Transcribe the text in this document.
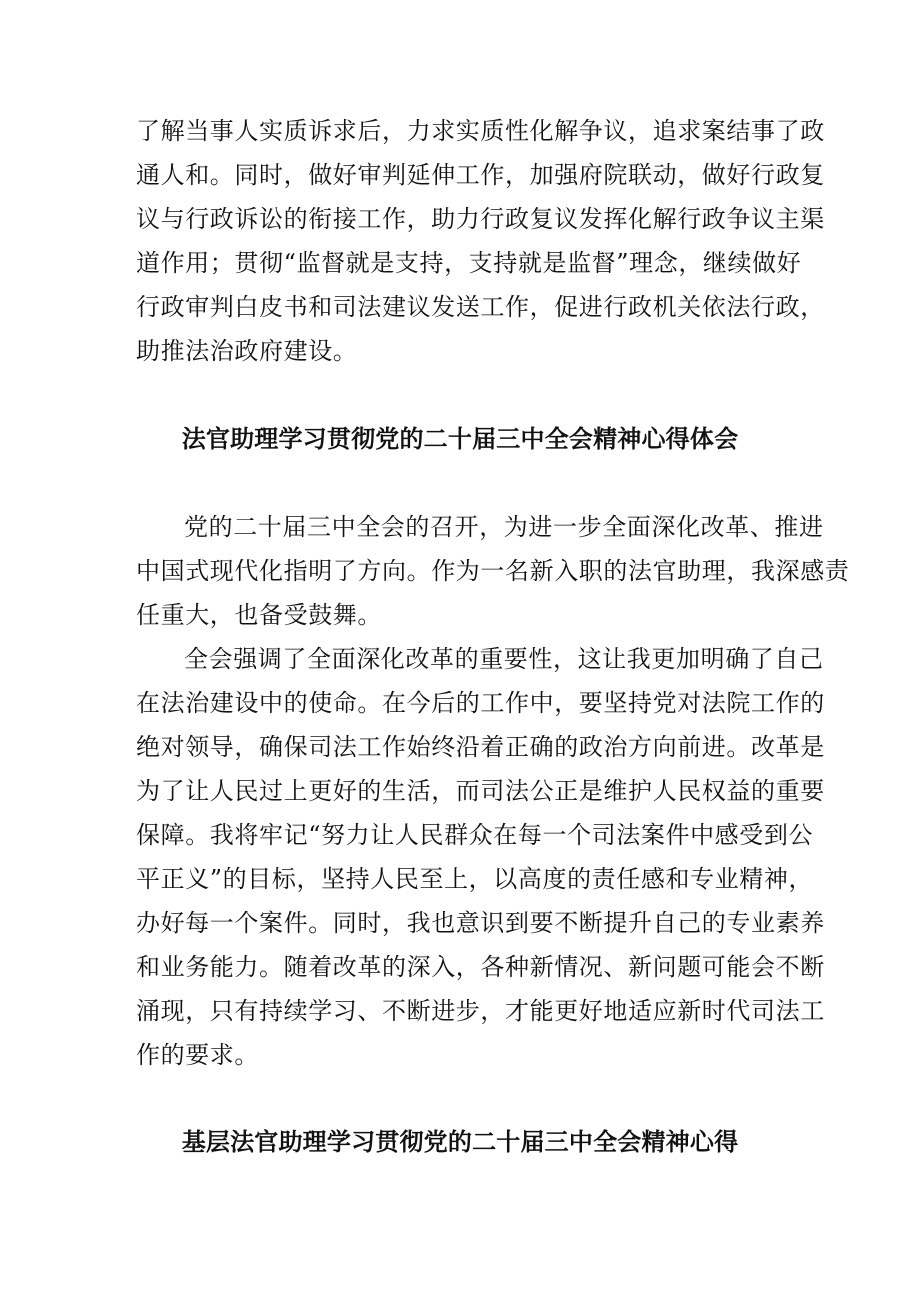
了解当事人实质诉求后，力求实质性化解争议，追求案结事了政
通人和。同时，做好审判延伸工作，加强府院联动，做好行政复
议与行政诉讼的衔接工作，助力行政复议发挥化解行政争议主渠
道作用；贯彻“监督就是支持，支持就是监督”理念，继续做好
行政审判白皮书和司法建议发送工作，促进行政机关依法行政，
助推法治政府建设。
法官助理学习贯彻党的二十届三中全会精神心得体会
党的二十届三中全会的召开，为进一步全面深化改革、推进
中国式现代化指明了方向。作为一名新入职的法官助理，我深感责
任重大，也备受鼓舞。
全会强调了全面深化改革的重要性，这让我更加明确了自己
在法治建设中的使命。在今后的工作中，要坚持党对法院工作的
绝对领导，确保司法工作始终沿着正确的政治方向前进。改革是
为了让人民过上更好的生活，而司法公正是维护人民权益的重要
保障。我将牢记“努力让人民群众在每一个司法案件中感受到公
平正义”的目标，坚持人民至上，以高度的责任感和专业精神，
办好每一个案件。同时，我也意识到要不断提升自己的专业素养
和业务能力。随着改革的深入，各种新情况、新问题可能会不断
涌现，只有持续学习、不断进步，才能更好地适应新时代司法工
作的要求。
基层法官助理学习贯彻党的二十届三中全会精神心得
